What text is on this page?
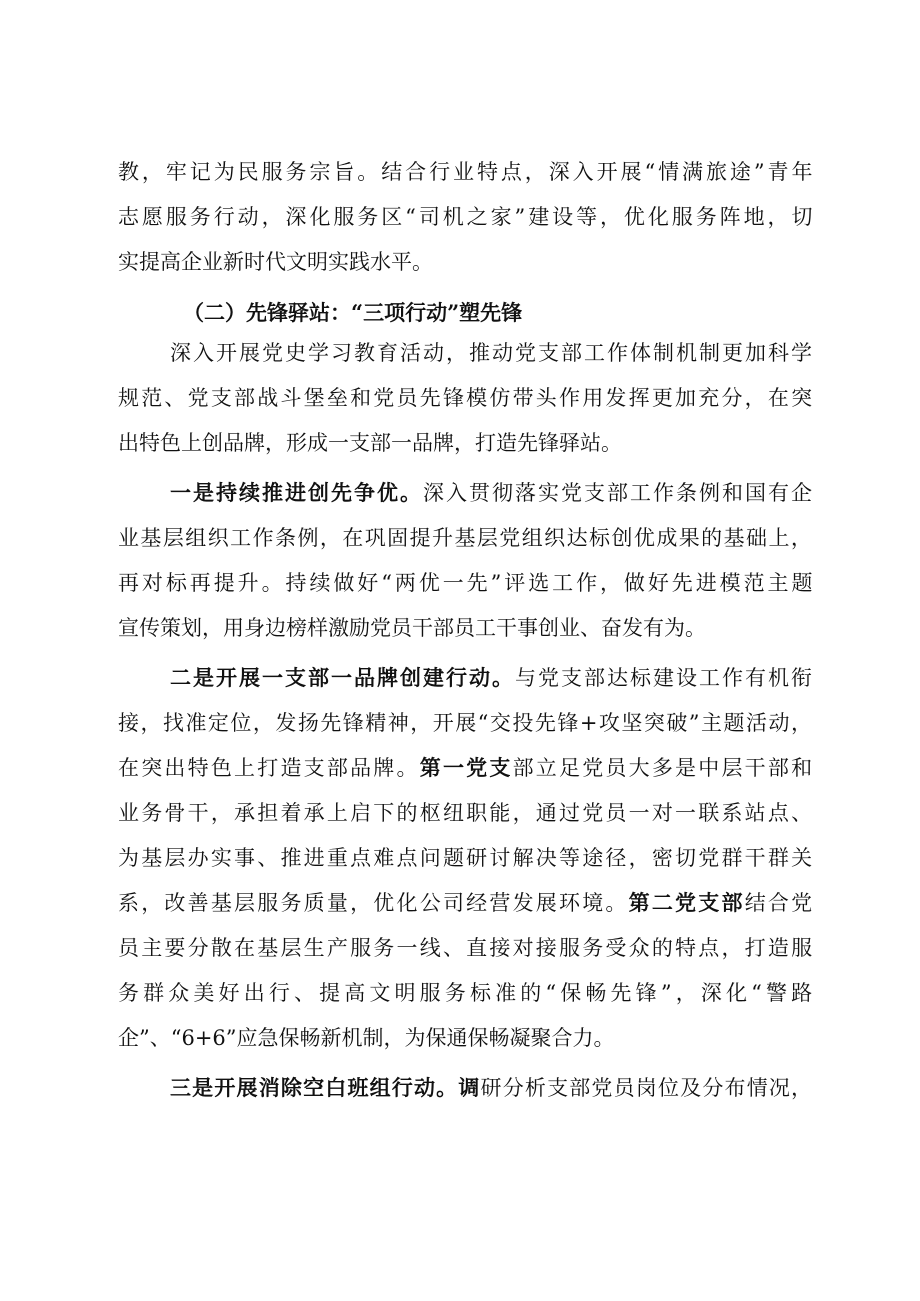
教，牢记为民服务宗旨。结合行业特点，深入开展“情满旅途”青年
志愿服务行动，深化服务区“司机之家”建设等，优化服务阵地，切
实提高企业新时代文明实践水平。
（二）先锋驿站：“三项行动”塑先锋
深入开展党史学习教育活动，推动党支部工作体制机制更加科学
规范、党支部战斗堡垒和党员先锋模仿带头作用发挥更加充分，在突
出特色上创品牌，形成一支部一品牌，打造先锋驿站。
一是持续推进创先争优。深入贯彻落实党支部工作条例和国有企
业基层组织工作条例，在巩固提升基层党组织达标创优成果的基础上，
再对标再提升。持续做好“两优一先”评选工作，做好先进模范主题
宣传策划，用身边榜样激励党员干部员工干事创业、奋发有为。
二是开展一支部一品牌创建行动。与党支部达标建设工作有机衔
接，找准定位，发扬先锋精神，开展“交投先锋+攻坚突破”主题活动，
在突出特色上打造支部品牌。第一党支部立足党员大多是中层干部和
业务骨干，承担着承上启下的枢纽职能，通过党员一对一联系站点、
为基层办实事、推进重点难点问题研讨解决等途径，密切党群干群关
系，改善基层服务质量，优化公司经营发展环境。第二党支部结合党
员主要分散在基层生产服务一线、直接对接服务受众的特点，打造服
务群众美好出行、提高文明服务标准的“保畅先锋”，深化“警路
企”、“6+6”应急保畅新机制，为保通保畅凝聚合力。
三是开展消除空白班组行动。调研分析支部党员岗位及分布情况，
